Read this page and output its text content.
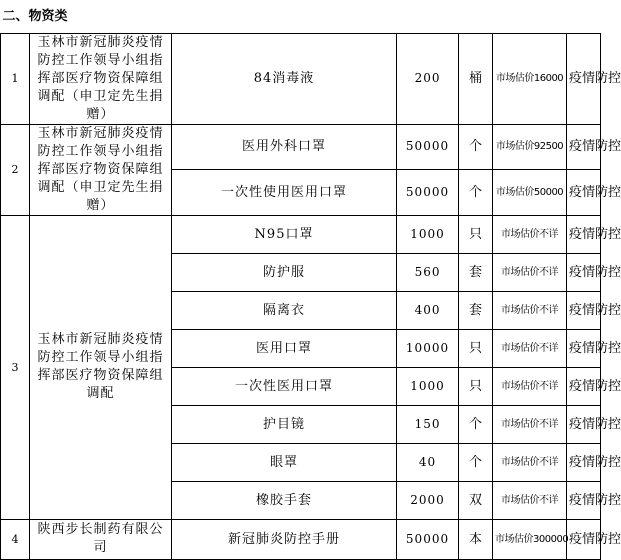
二、物资类						
1	玉林市新冠肺炎疫情防控工作领导小组指挥部医疗物资保障组调配（申卫定先生捐赠）	84消毒液	200	桶	市场估价16000	疫情防控
2	玉林市新冠肺炎疫情防控工作领导小组指挥部医疗物资保障组调配（申卫定先生捐赠）	医用外科口罩	50000	个	市场估价92500	疫情防控
		一次性使用医用口罩	50000	个	市场估价50000	疫情防控
3	玉林市新冠肺炎疫情防控工作领导小组指挥部医疗物资保障组调配	N95口罩	1000	只	市场估价不详	疫情防控
		防护服	560	套	市场估价不详	疫情防控
		隔离衣	400	套	市场估价不详	疫情防控
		医用口罩	10000	只	市场估价不详	疫情防控
		一次性医用口罩	1000	只	市场估价不详	疫情防控
		护目镜	150	个	市场估价不详	疫情防控
		眼罩	40	个	市场估价不详	疫情防控
		橡胶手套	2000	双	市场估价不详	疫情防控
4	陕西步长制药有限公司	新冠肺炎防控手册	50000	本	市场估价300000	疫情防控
